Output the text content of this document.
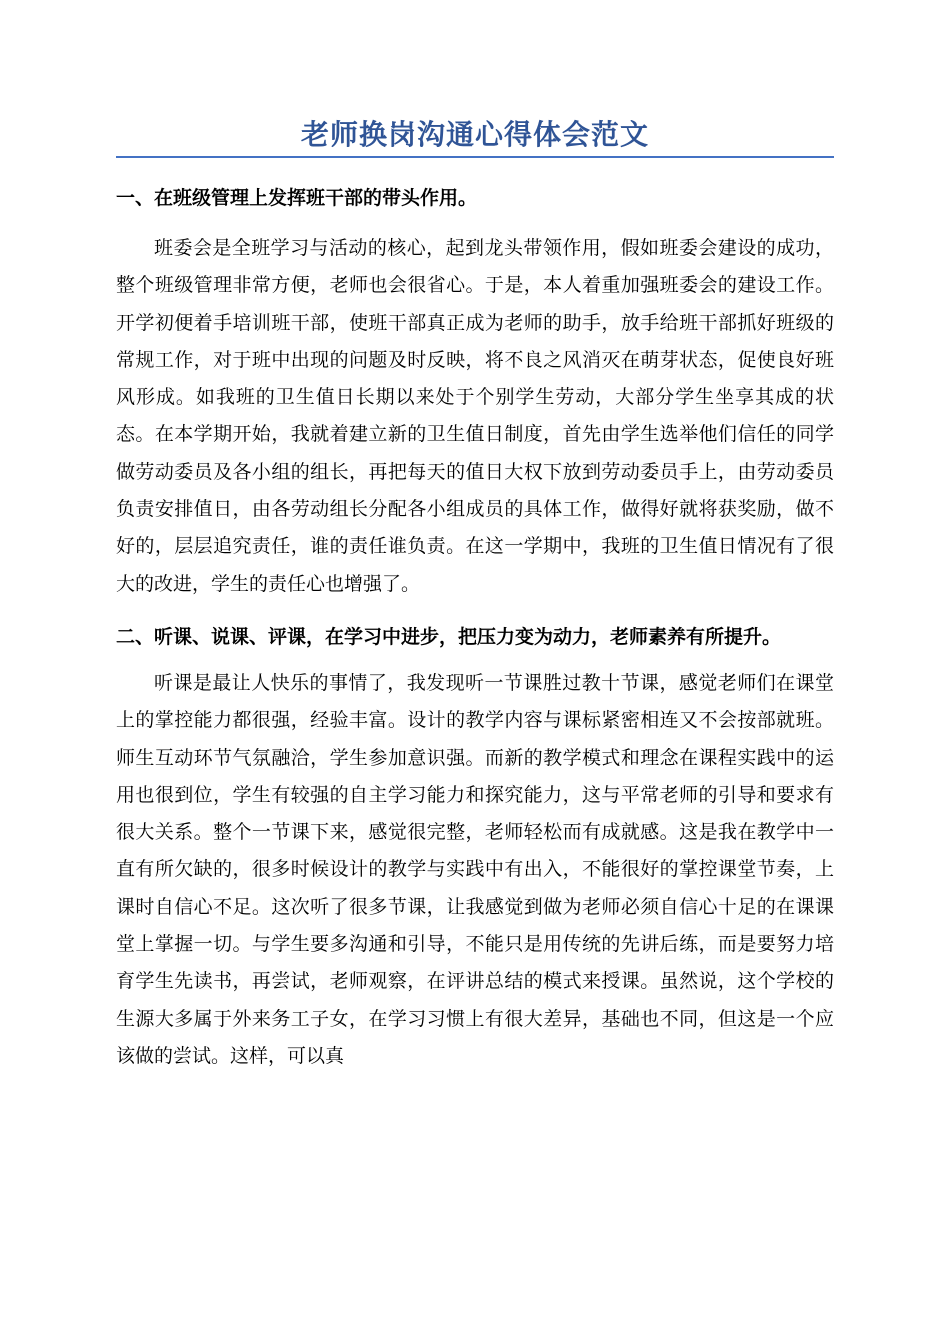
老师换岗沟通心得体会范文
一、在班级管理上发挥班干部的带头作用。

班委会是全班学习与活动的核心，起到龙头带领作用，假如班委会建设的成功，整个班级管理非常方便，老师也会很省心。于是，本人着重加强班委会的建设工作。开学初便着手培训班干部，使班干部真正成为老师的助手，放手给班干部抓好班级的常规工作，对于班中出现的问题及时反映，将不良之风消灭在萌芽状态，促使良好班风形成。如我班的卫生值日长期以来处于个别学生劳动，大部分学生坐享其成的状态。在本学期开始，我就着建立新的卫生值日制度，首先由学生选举他们信任的同学做劳动委员及各小组的组长，再把每天的值日大权下放到劳动委员手上，由劳动委员负责安排值日，由各劳动组长分配各小组成员的具体工作，做得好就将获奖励，做不好的，层层追究责任，谁的责任谁负责。在这一学期中，我班的卫生值日情况有了很大的改进，学生的责任心也增强了。

二、听课、说课、评课，在学习中进步，把压力变为动力，老师素养有所提升。

听课是最让人快乐的事情了，我发现听一节课胜过教十节课，感觉老师们在课堂上的掌控能力都很强，经验丰富。设计的教学内容与课标紧密相连又不会按部就班。师生互动环节气氛融洽，学生参加意识强。而新的教学模式和理念在课程实践中的运用也很到位，学生有较强的自主学习能力和探究能力，这与平常老师的引导和要求有很大关系。整个一节课下来，感觉很完整，老师轻松而有成就感。这是我在教学中一直有所欠缺的，很多时候设计的教学与实践中有出入，不能很好的掌控课堂节奏，上课时自信心不足。这次听了很多节课，让我感觉到做为老师必须自信心十足的在课课堂上掌握一切。与学生要多沟通和引导，不能只是用传统的先讲后练，而是要努力培育学生先读书，再尝试，老师观察，在评讲总结的模式来授课。虽然说，这个学校的生源大多属于外来务工子女，在学习习惯上有很大差异，基础也不同，但这是一个应该做的尝试。这样，可以真
